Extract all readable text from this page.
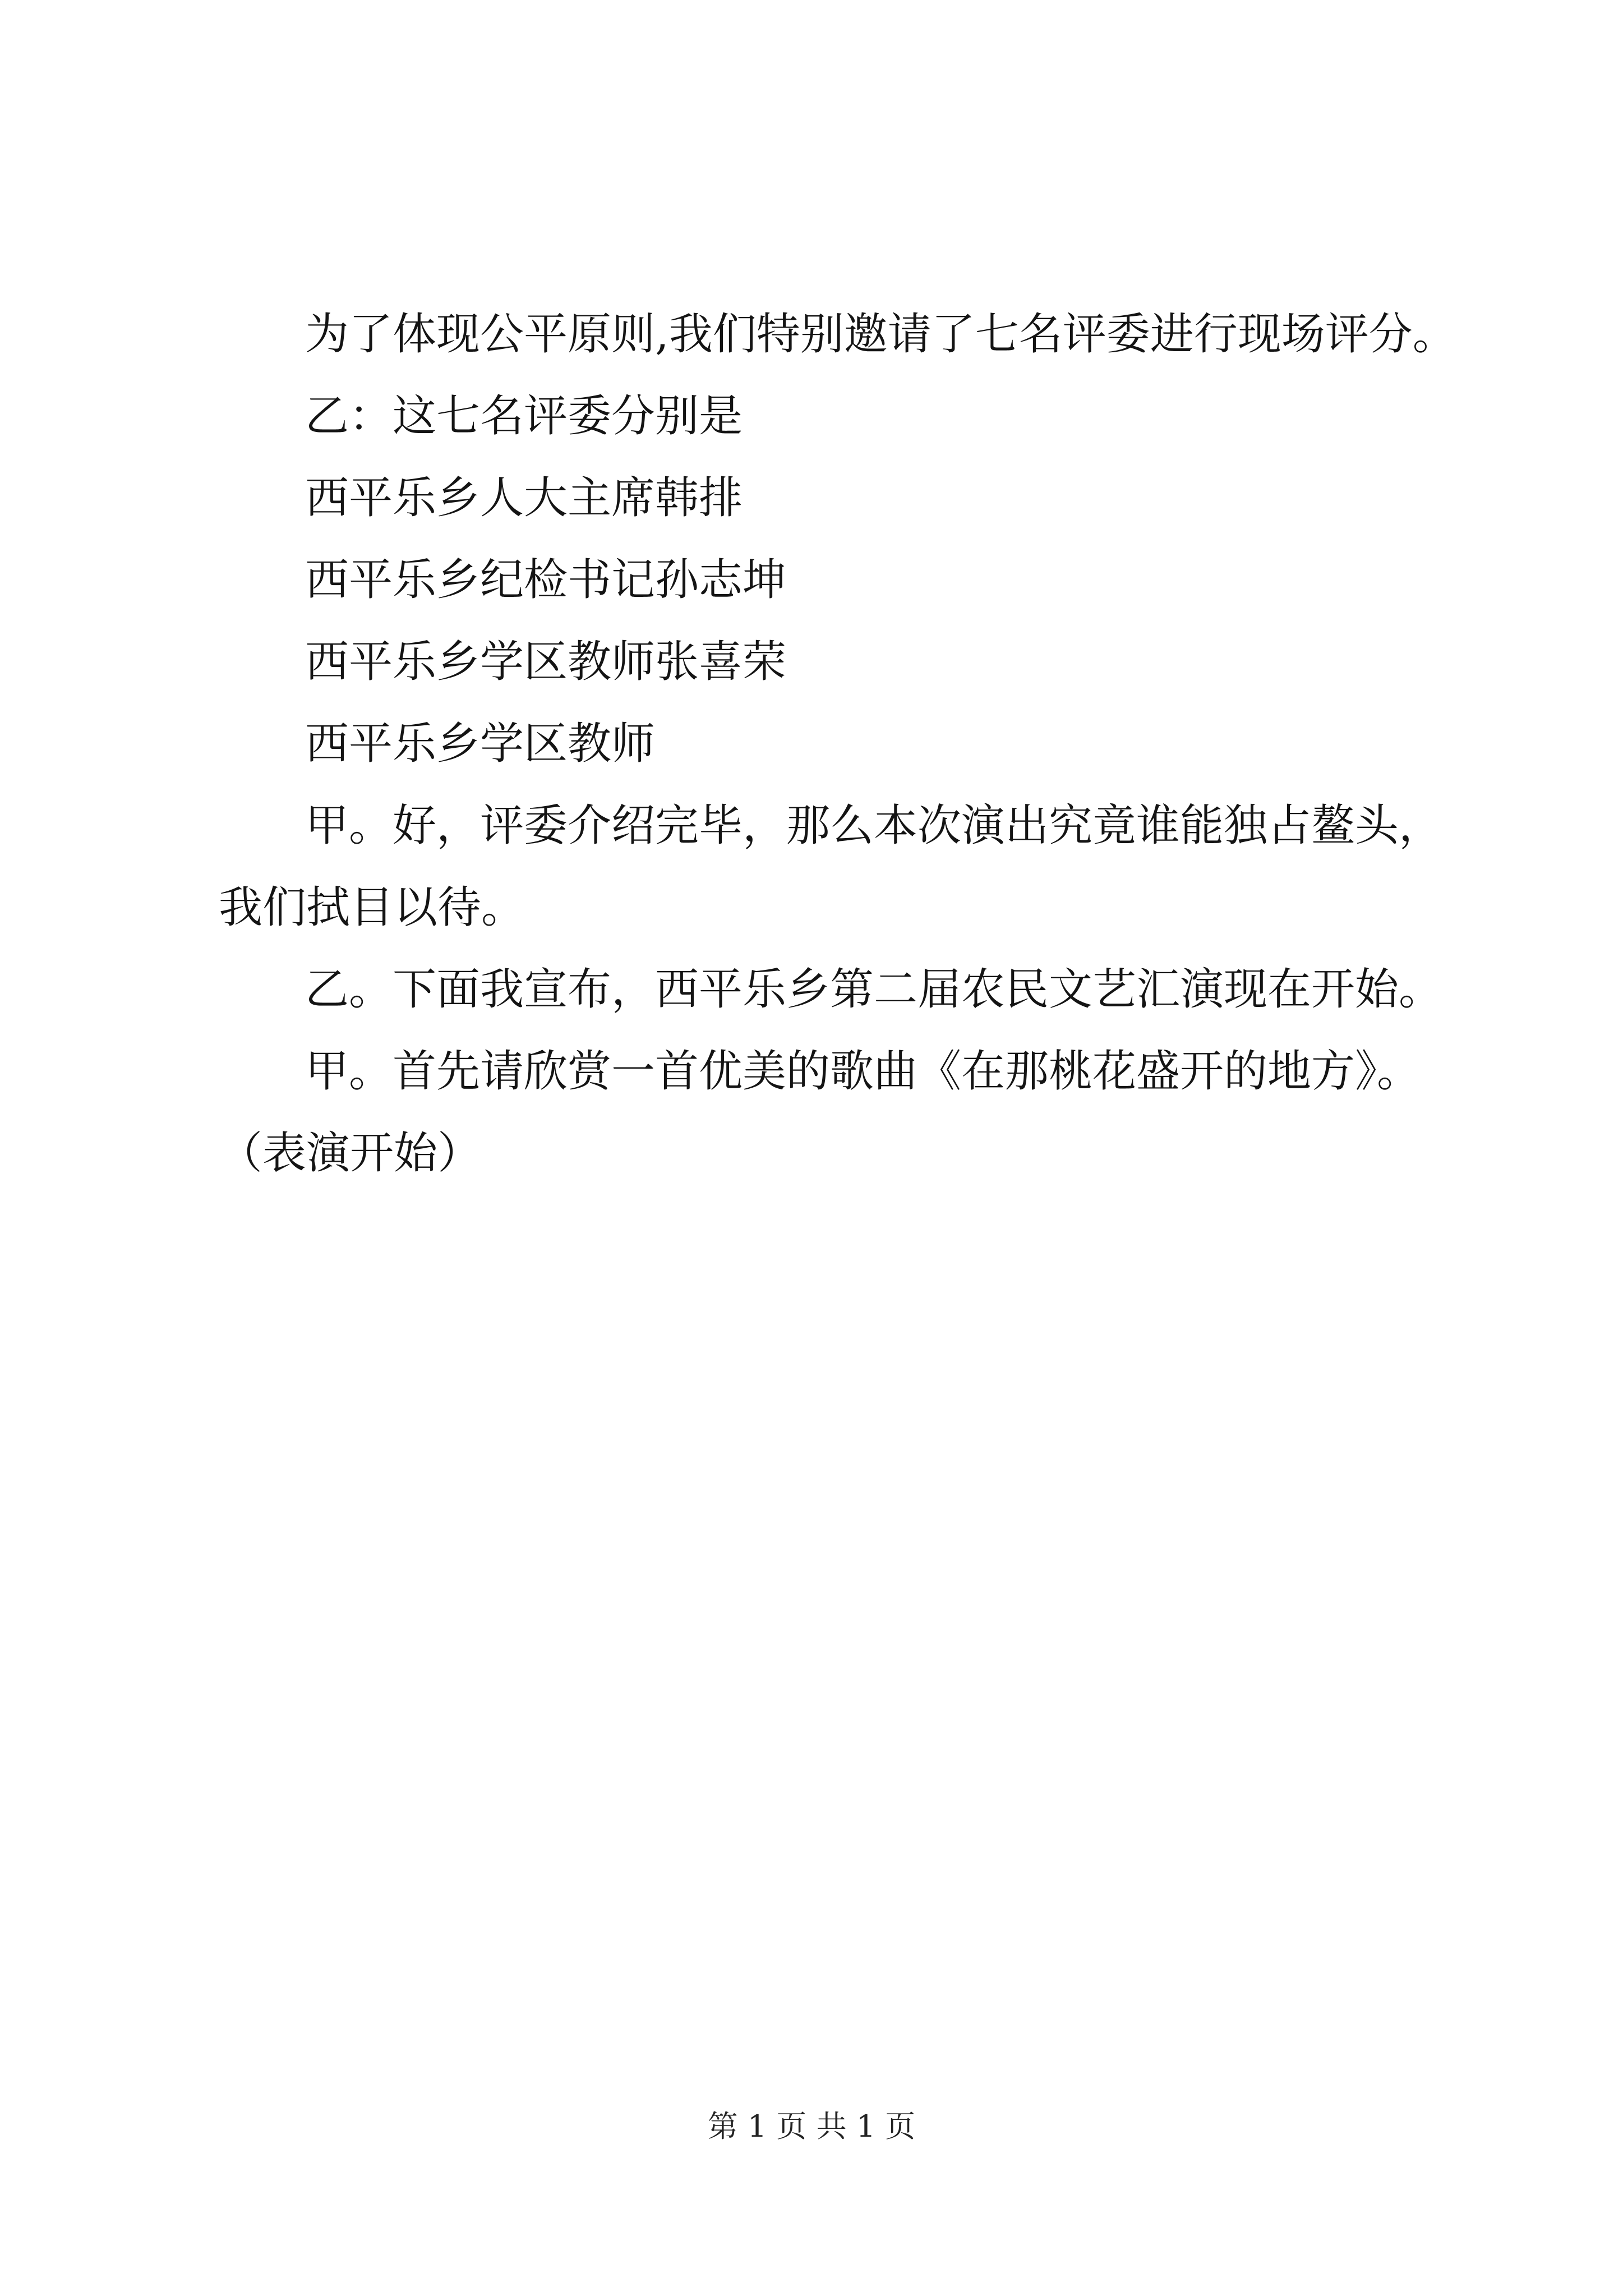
为了体现公平原则,我们特别邀请了七名评委进行现场评分。
乙：这七名评委分别是
西平乐乡人大主席韩排
西平乐乡纪检书记孙志坤
西平乐乡学区教师张喜荣
西平乐乡学区教师
甲。好，评委介绍完毕，那么本次演出究竟谁能独占鳌头，
我们拭目以待。
乙。下面我宣布，西平乐乡第二届农民文艺汇演现在开始。
甲。首先请欣赏一首优美的歌曲《在那桃花盛开的地方》。
（表演开始）
第 1 页 共 1 页
